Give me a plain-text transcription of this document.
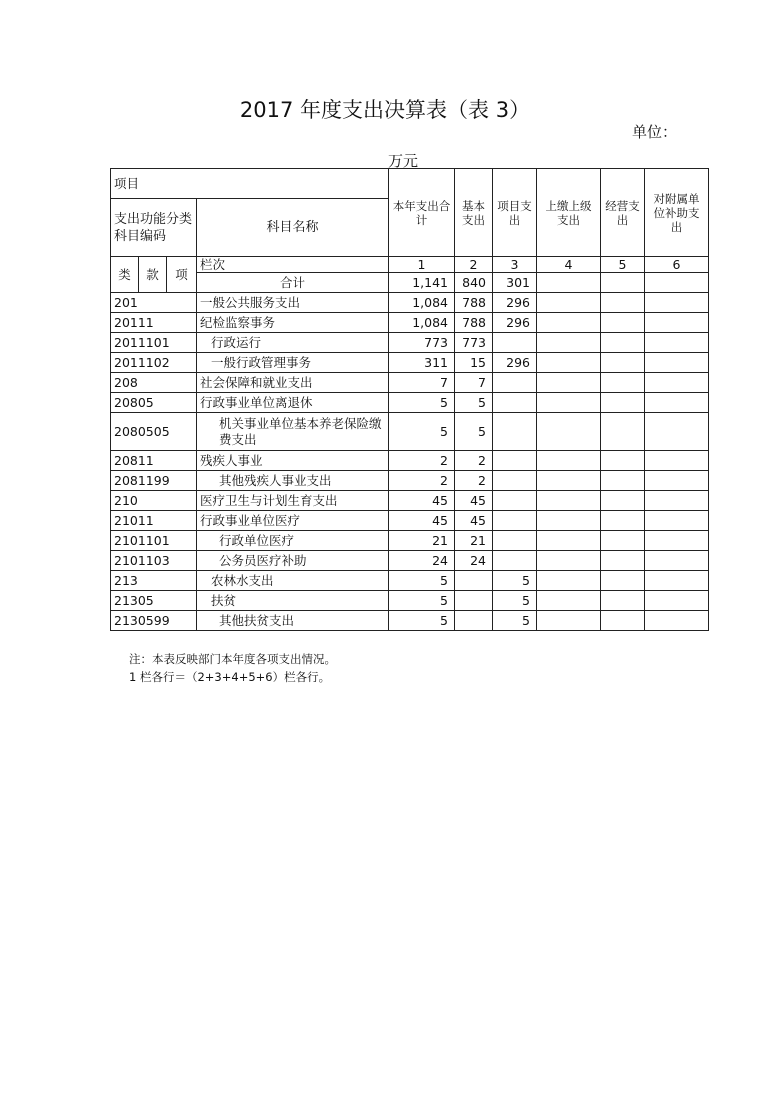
2017 年度支出决算表（表 3）
单位：
万元
项目				本年支出合计	基本支出	项目支出	上缴上级支出	经营支出	对附属单位补助支出
支出功能分类科目编码			科目名称						

类	款	项	栏次	1	2	3	4	5	6
			合计	1,141	840	301			
201			一般公共服务支出	1,084	788	296			
20111			纪检监察事务	1,084	788	296			
2011101			行政运行	773	773				
2011102			一般行政管理事务	311	15	296			
208			社会保障和就业支出	7	7				
20805			行政事业单位离退休	5	5				
2080505			机关事业单位基本养老保险缴费支出	5	5				
20811			残疾人事业	2	2				
2081199			其他残疾人事业支出	2	2				
210			医疗卫生与计划生育支出	45	45				
21011			行政事业单位医疗	45	45				
2101101			行政单位医疗	21	21				
2101103			公务员医疗补助	24	24				
213			农林水支出	5		5			
21305			扶贫	5		5			
2130599			其他扶贫支出	5		5			
注：本表反映部门本年度各项支出情况。
1 栏各行＝（2+3+4+5+6）栏各行。
